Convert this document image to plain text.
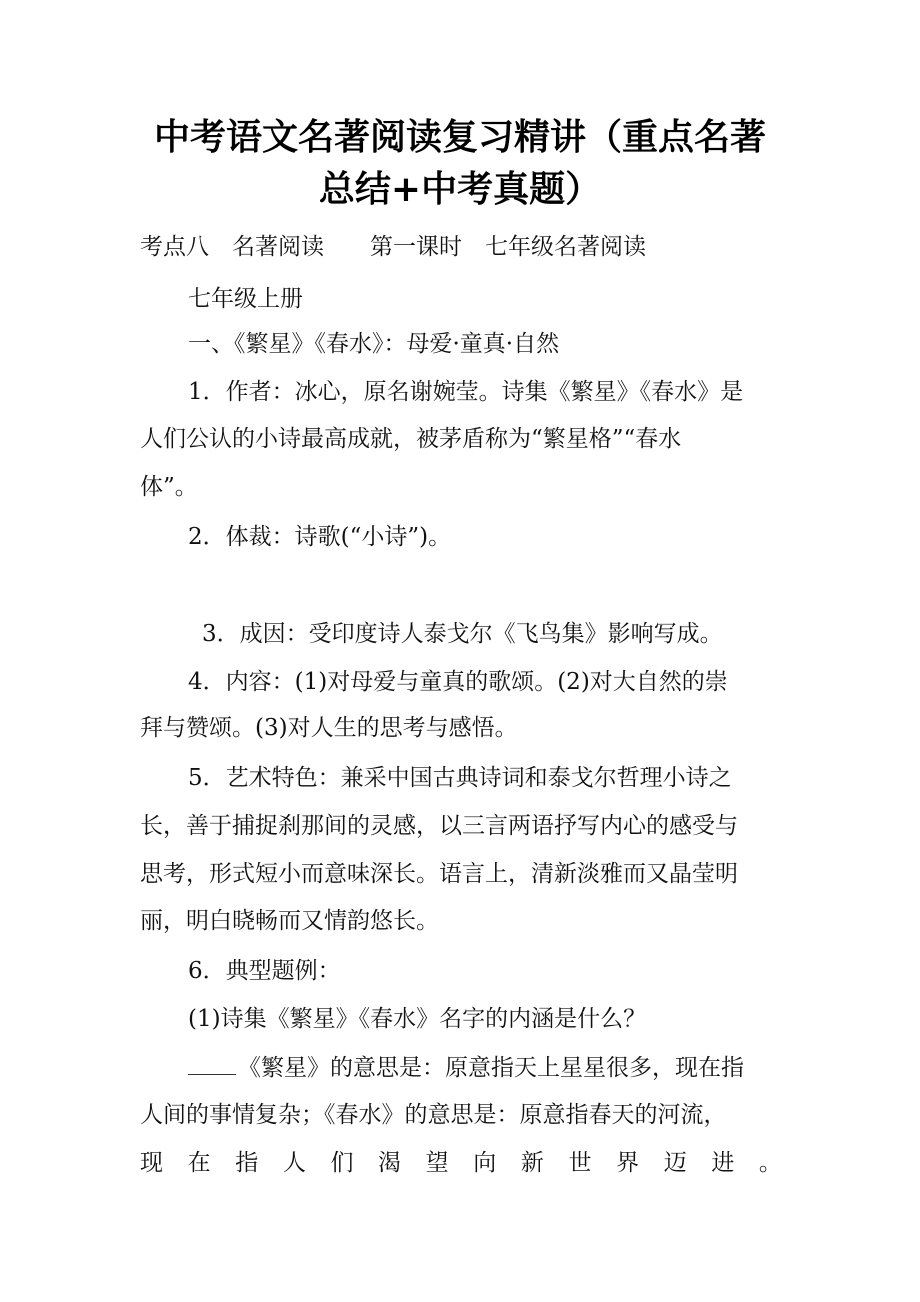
中考语文名著阅读复习精讲（重点名著
总结+中考真题）
考点八　名著阅读　　第一课时　七年级名著阅读
七年级上册
一、《繁星》《春水》：母爱·童真·自然
1．作者：冰心，原名谢婉莹。诗集《繁星》《春水》是
人们公认的小诗最高成就，被茅盾称为“繁星格”“春水
体”。
2．体裁：诗歌(“小诗”)。
3．成因：受印度诗人泰戈尔《飞鸟集》影响写成。
4．内容：(1)对母爱与童真的歌颂。(2)对大自然的崇
拜与赞颂。(3)对人生的思考与感悟。
5．艺术特色：兼采中国古典诗词和泰戈尔哲理小诗之
长，善于捕捉刹那间的灵感，以三言两语抒写内心的感受与
思考，形式短小而意味深长。语言上，清新淡雅而又晶莹明
丽，明白晓畅而又情韵悠长。
6．典型题例：
(1)诗集《繁星》《春水》名字的内涵是什么？
《繁星》的意思是：原意指天上星星很多，现在指
人间的事情复杂；《春水》的意思是：原意指春天的河流，
现 在 指 人 们 渴 望 向 新 世 界 迈 进 。
